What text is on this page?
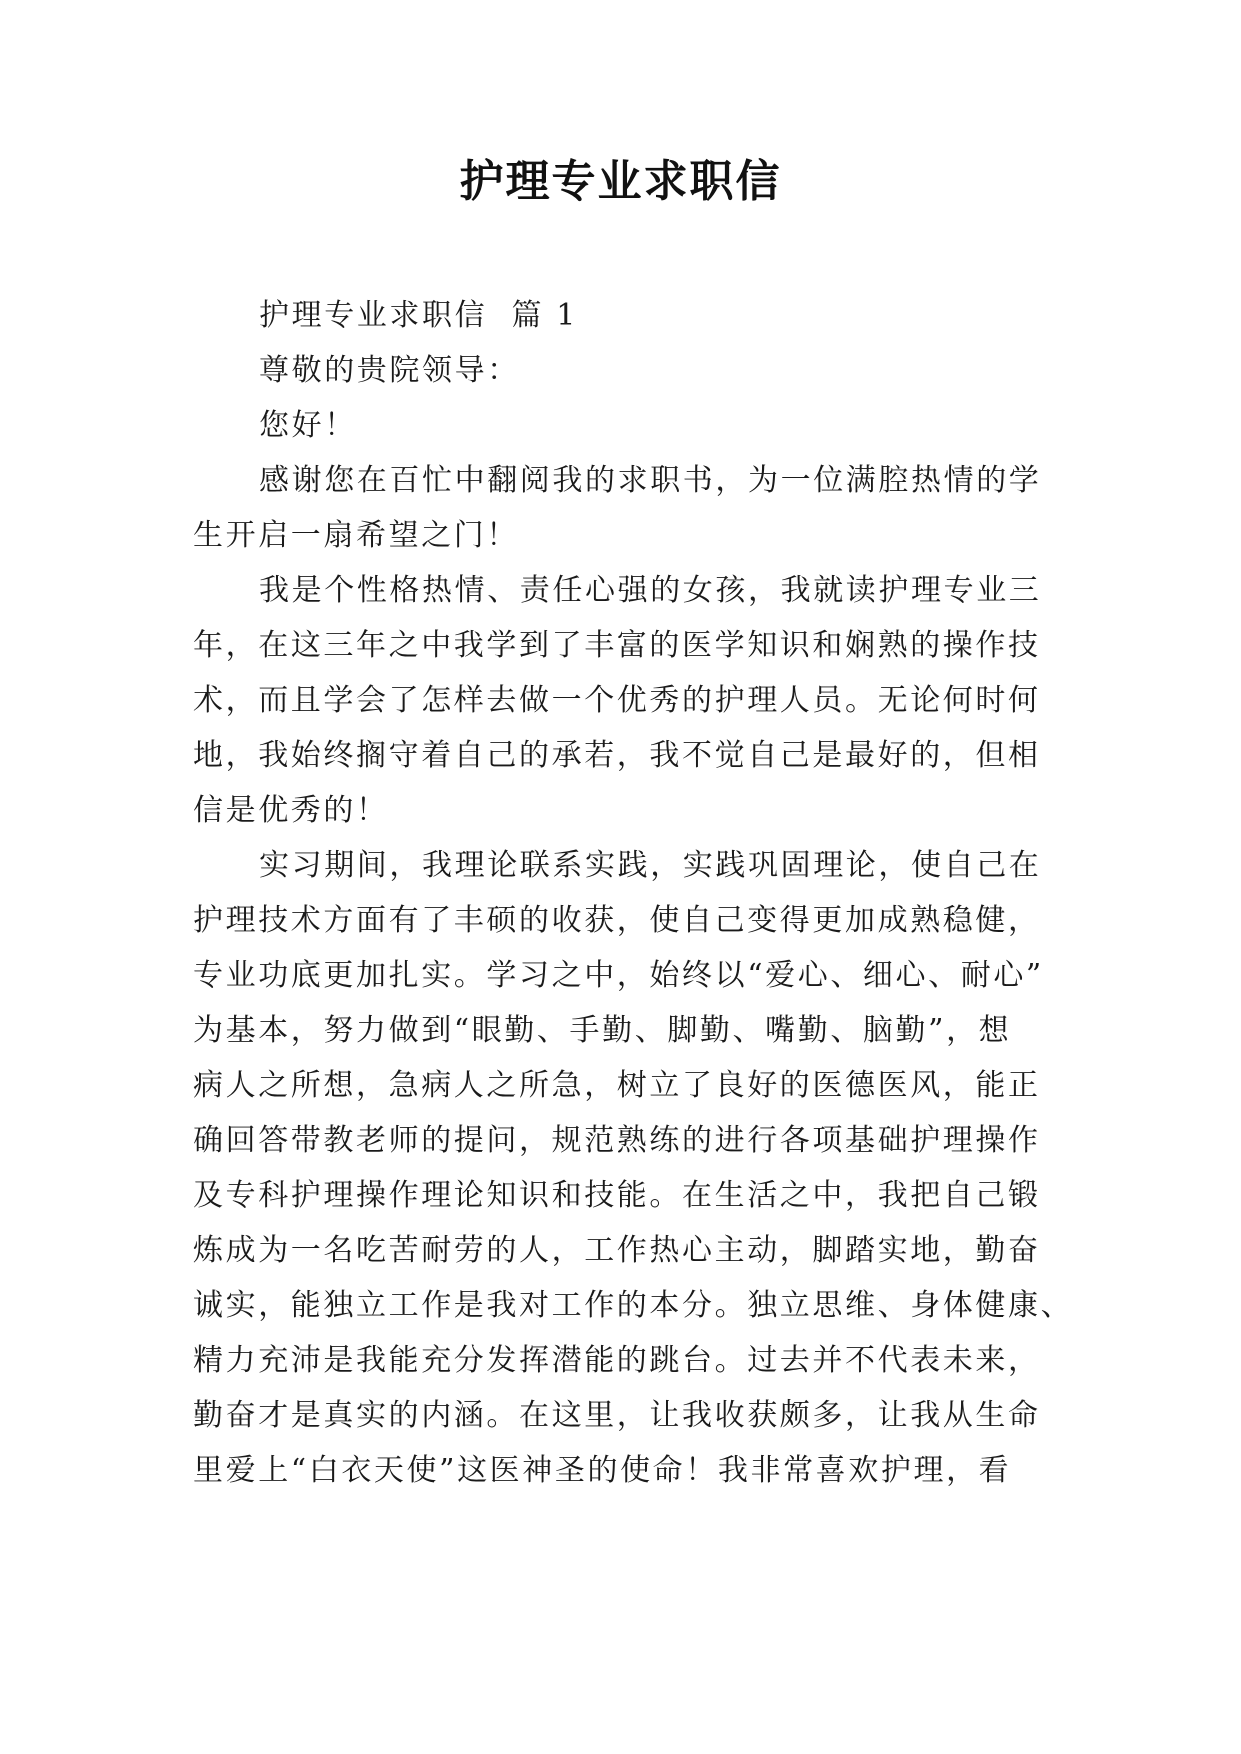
护理专业求职信
护理专业求职信  篇 1
尊敬的贵院领导：
您好！
感谢您在百忙中翻阅我的求职书，为一位满腔热情的学
生开启一扇希望之门！
我是个性格热情、责任心强的女孩，我就读护理专业三
年，在这三年之中我学到了丰富的医学知识和娴熟的操作技
术，而且学会了怎样去做一个优秀的护理人员。无论何时何
地，我始终搁守着自己的承若，我不觉自己是最好的，但相
信是优秀的！
实习期间，我理论联系实践，实践巩固理论，使自己在
护理技术方面有了丰硕的收获，使自己变得更加成熟稳健，
专业功底更加扎实。学习之中，始终以“爱心、细心、耐心”
为基本，努力做到“眼勤、手勤、脚勤、嘴勤、脑勤”，想
病人之所想，急病人之所急，树立了良好的医德医风，能正
确回答带教老师的提问，规范熟练的进行各项基础护理操作
及专科护理操作理论知识和技能。在生活之中，我把自己锻
炼成为一名吃苦耐劳的人，工作热心主动，脚踏实地，勤奋
诚实，能独立工作是我对工作的本分。独立思维、身体健康、
精力充沛是我能充分发挥潜能的跳台。过去并不代表未来，
勤奋才是真实的内涵。在这里，让我收获颇多，让我从生命
里爱上“白衣天使”这医神圣的使命！我非常喜欢护理，看
